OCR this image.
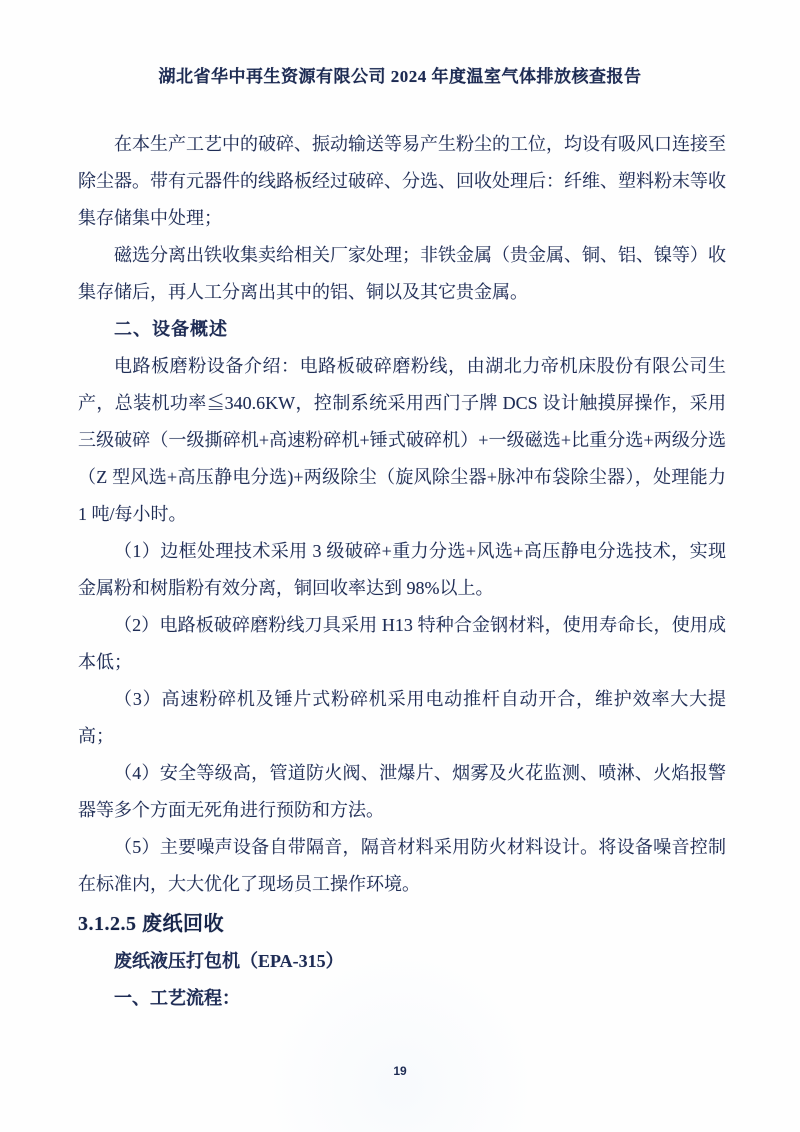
湖北省华中再生资源有限公司 2024 年度温室气体排放核查报告

在本生产工艺中的破碎、振动输送等易产生粉尘的工位，均设有吸风口连接至除尘器。带有元器件的线路板经过破碎、分选、回收处理后：纤维、塑料粉末等收集存储集中处理；

磁选分离出铁收集卖给相关厂家处理；非铁金属（贵金属、铜、铝、镍等）收集存储后，再人工分离出其中的铝、铜以及其它贵金属。

二、设备概述

电路板磨粉设备介绍：电路板破碎磨粉线，由湖北力帝机床股份有限公司生产，总装机功率≦340.6KW，控制系统采用西门子牌 DCS 设计触摸屏操作，采用三级破碎（一级撕碎机+高速粉碎机+锤式破碎机）+一级磁选+比重分选+两级分选（Z 型风选+高压静电分选)+两级除尘（旋风除尘器+脉冲布袋除尘器），处理能力 1 吨/每小时。

（1）边框处理技术采用 3 级破碎+重力分选+风选+高压静电分选技术，实现金属粉和树脂粉有效分离，铜回收率达到 98%以上。

（2）电路板破碎磨粉线刀具采用 H13 特种合金钢材料，使用寿命长，使用成本低；

（3）高速粉碎机及锤片式粉碎机采用电动推杆自动开合，维护效率大大提高；

（4）安全等级高，管道防火阀、泄爆片、烟雾及火花监测、喷淋、火焰报警器等多个方面无死角进行预防和方法。

（5）主要噪声设备自带隔音，隔音材料采用防火材料设计。将设备噪音控制在标准内，大大优化了现场员工操作环境。

3.1.2.5 废纸回收

废纸液压打包机（EPA-315）

一、工艺流程：

19
